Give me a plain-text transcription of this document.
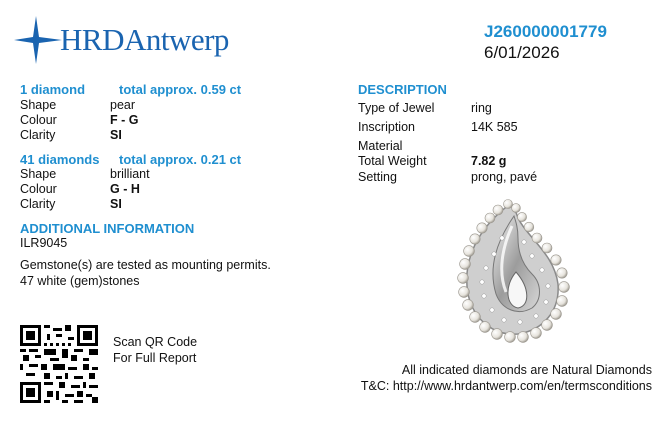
HRDAntwerp	J260000001779
6/01/2026
1 diamond	total approx. 0.59 ct
Shape	pear
Colour	F - G
Clarity	SI
41 diamonds total approx. 0.21 ct
Shape	brilliant
Colour	G - H
Clarity	SI
ADDITIONAL INFORMATION
ILR9045
Gemstone(s) are tested as mounting permits.
47 white (gem)stones
DESCRIPTION
Type of Jewel	ring
Inscription	14K 585
Material
Total Weight	7.82 g
Setting	prong, pavé
Scan QR Code
For Full Report
All indicated diamonds are Natural Diamonds
T&C: http://www.hrdantwerp.com/en/termsconditions
